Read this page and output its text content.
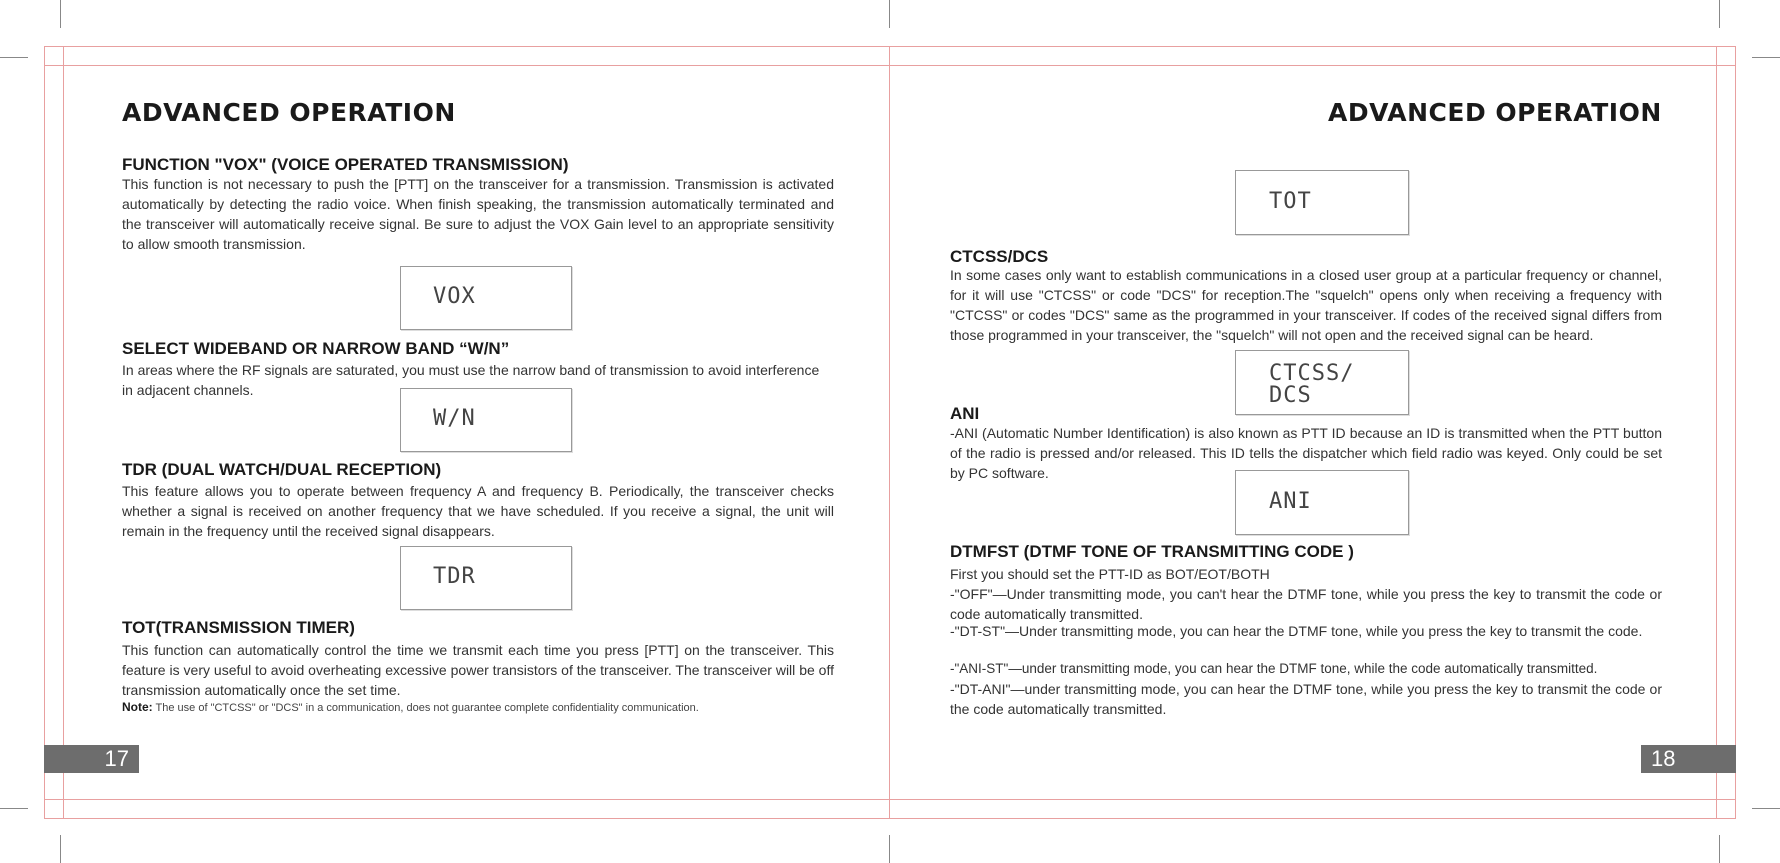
ADVANCED OPERATION
FUNCTION "VOX" (VOICE OPERATED TRANSMISSION)

This function is not necessary to push the [PTT] on the transceiver for a transmission. Transmission is activated automatically by detecting the radio voice. When finish speaking, the transmission automatically terminated and the transceiver will automatically receive signal. Be sure to adjust the VOX Gain level to an appropriate sensitivity to allow smooth transmission.

VOX
SELECT WIDEBAND OR NARROW BAND “W/N”

In areas where the RF signals are saturated, you must use the narrow band of transmission to avoid interference in adjacent channels.

W/N
TDR (DUAL WATCH/DUAL RECEPTION)

This feature allows you to operate between frequency A and frequency B. Periodically, the transceiver checks whether a signal is received on another frequency that we have scheduled. If you receive a signal, the unit will remain in the frequency until the received signal disappears.

TDR
TOT(TRANSMISSION TIMER)

This function can automatically control the time we transmit each time you press [PTT] on the transceiver. This feature is very useful to avoid overheating excessive power transistors of the transceiver. The transceiver will be off transmission automatically once the set time.

Note: The use of "CTCSS" or "DCS" in a communication, does not guarantee complete confidentiality communication.
17
ADVANCED OPERATION
TOT
CTCSS/DCS

In some cases only want to establish communications in a closed user group at a particular frequency or channel, for it will use "CTCSS" or code "DCS" for reception.The "squelch" opens only when receiving a frequency with "CTCSS" or codes "DCS" same as the programmed in your transceiver. If codes of the received signal differs from those programmed in your transceiver, the "squelch" will not open and the received signal can be heard.

CTCSS/
DCS
ANI

-ANI (Automatic Number Identification) is also known as PTT ID because an ID is transmitted when the PTT button of the radio is pressed and/or released. This ID tells the dispatcher which field radio was keyed. Only could be set by PC software.

ANI
DTMFST (DTMF TONE OF TRANSMITTING CODE )

First you should set the PTT-ID as BOT/EOT/BOTH

-"OFF"—Under transmitting mode, you can't hear the DTMF tone, while you press the key to transmit the code or code automatically transmitted.

-"DT-ST"—Under transmitting mode, you can hear the DTMF tone, while you press the key to transmit the code.

-"ANI-ST"—under transmitting mode, you can hear the DTMF tone, while the code automatically transmitted.

-"DT-ANI"—under transmitting mode, you can hear the DTMF tone, while you press the key to transmit the code or the code automatically transmitted.

18
